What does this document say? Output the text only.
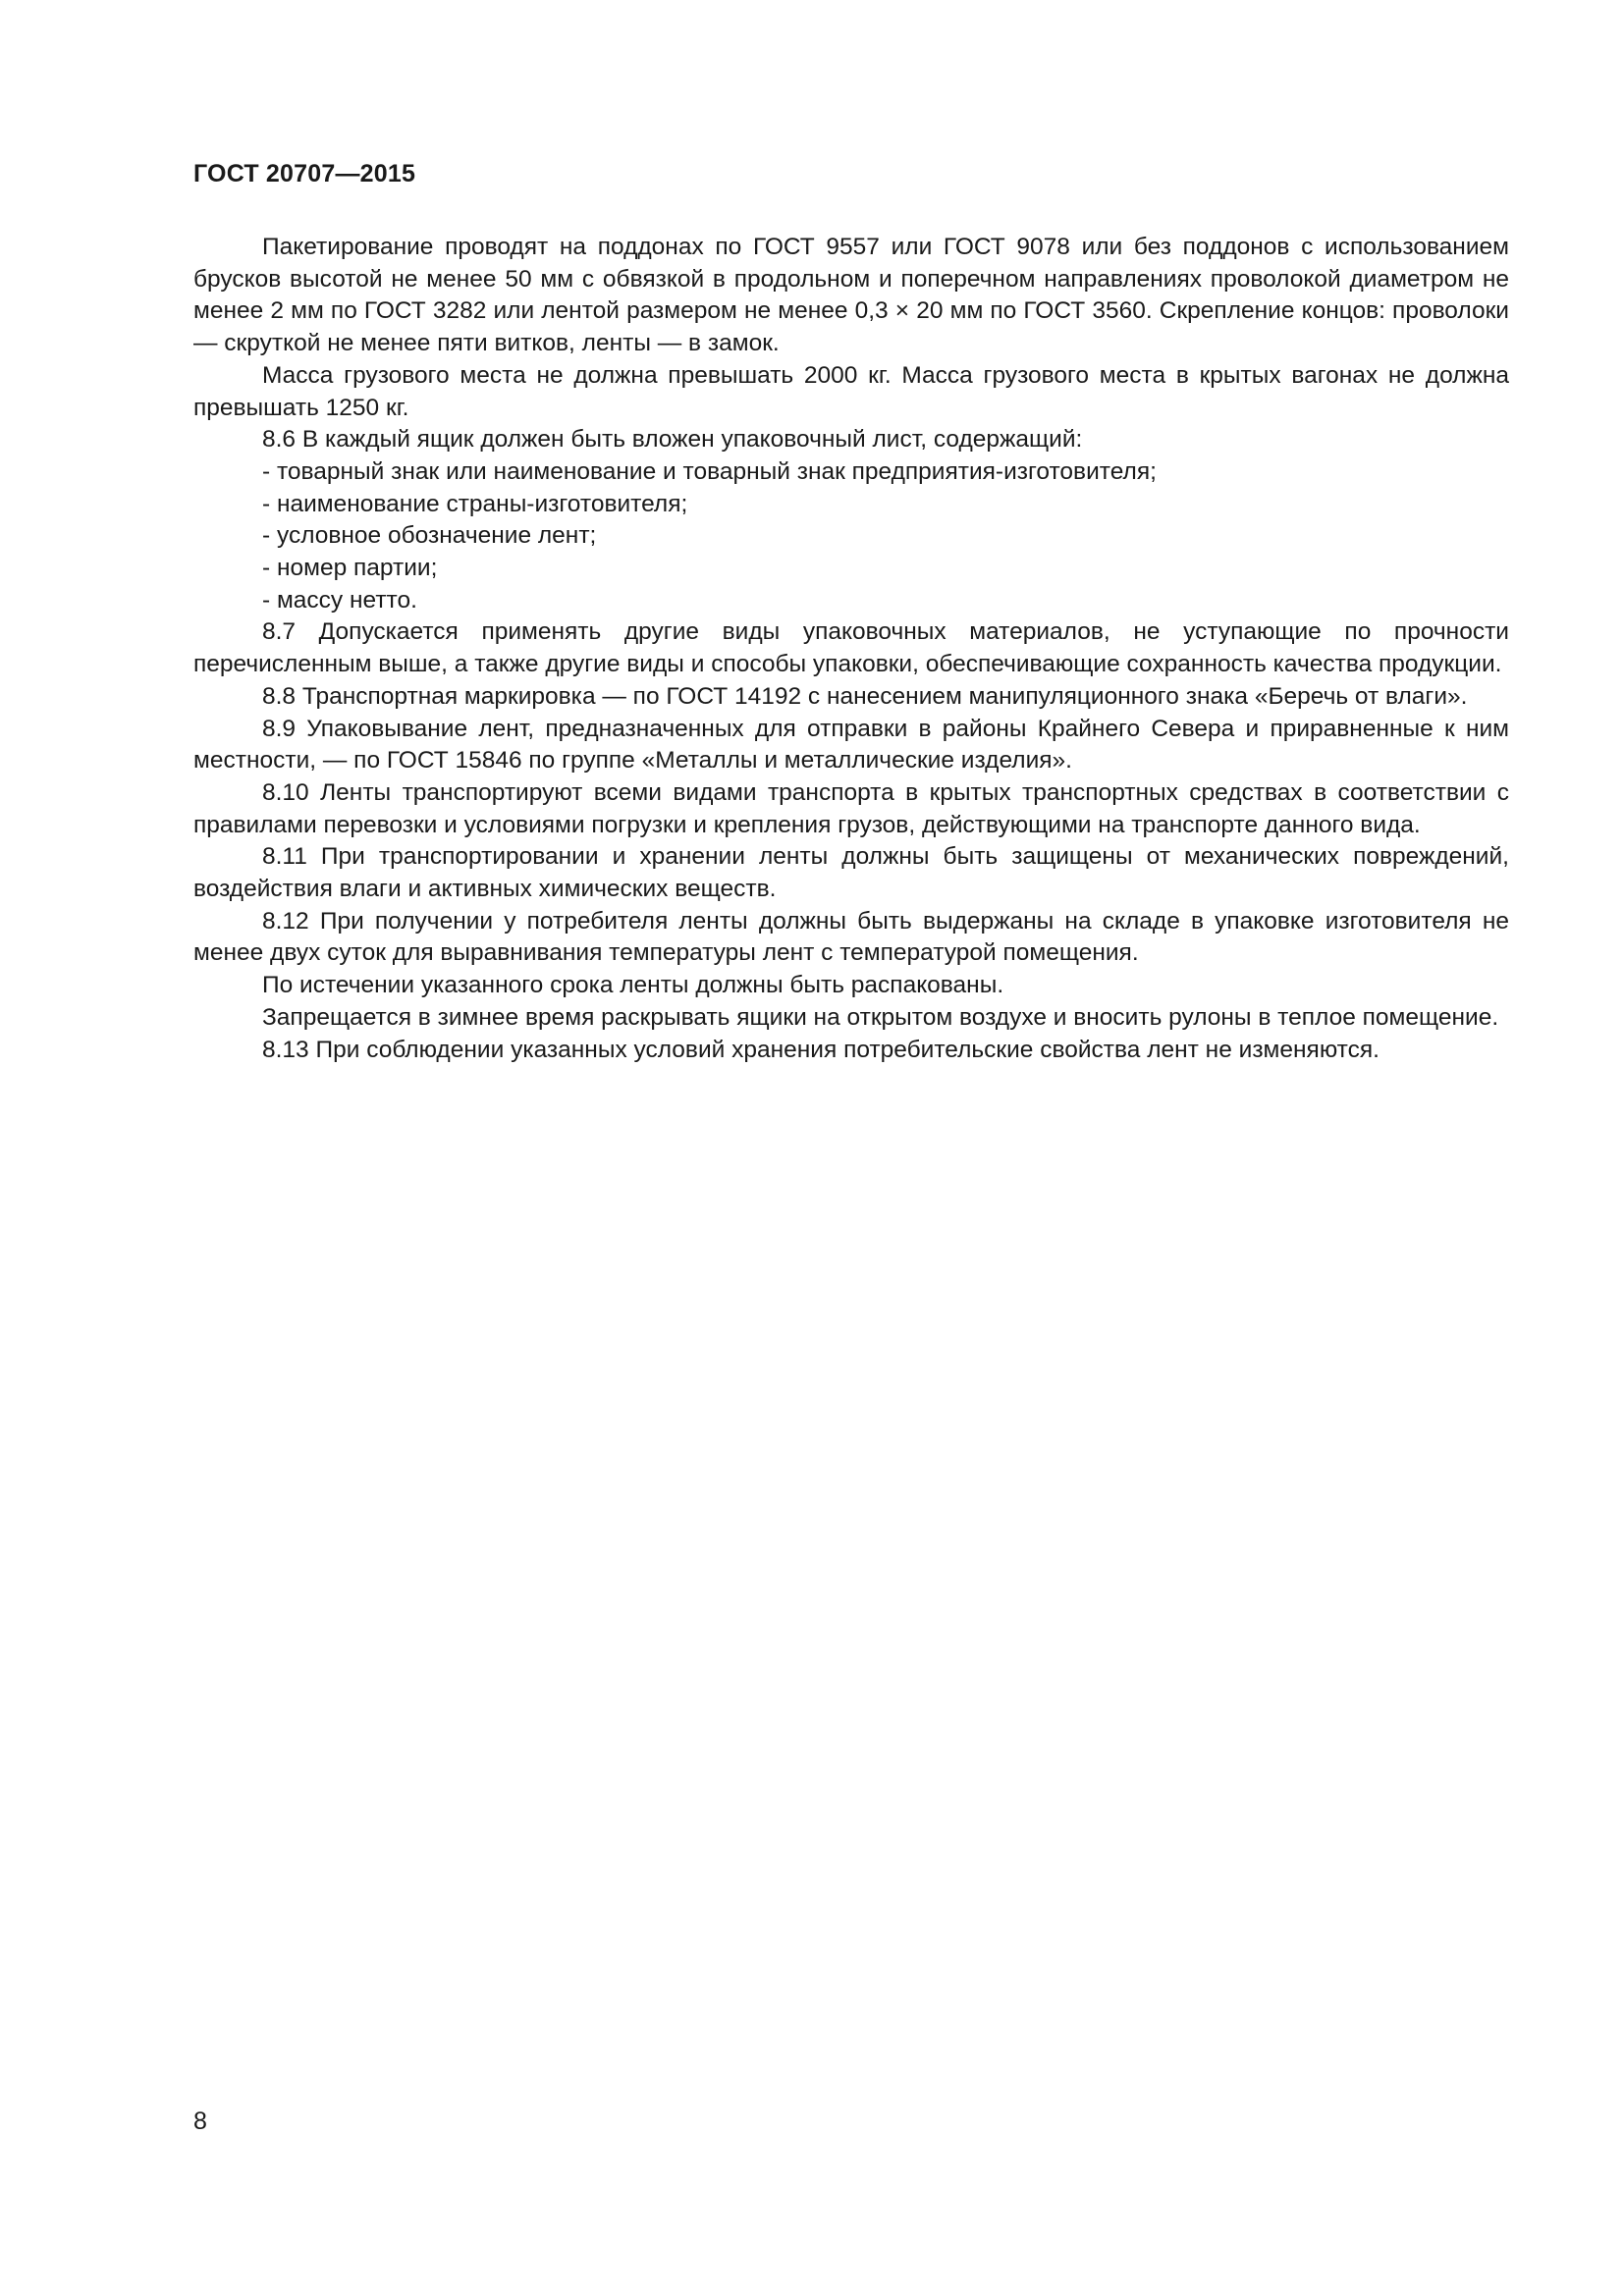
ГОСТ 20707—2015

Пакетирование проводят на поддонах по ГОСТ 9557 или ГОСТ 9078 или без поддонов с использованием брусков высотой не менее 50 мм с обвязкой в продольном и поперечном направлениях проволокой диаметром не менее 2 мм по ГОСТ 3282 или лентой размером не менее 0,3 × 20 мм по ГОСТ 3560. Скрепление концов: проволоки — скруткой не менее пяти витков, ленты — в замок.

Масса грузового места не должна превышать 2000 кг. Масса грузового места в крытых вагонах не должна превышать 1250 кг.

8.6 В каждый ящик должен быть вложен упаковочный лист, содержащий:

- товарный знак или наименование и товарный знак предприятия-изготовителя;

- наименование страны-изготовителя;

- условное обозначение лент;

- номер партии;

- массу нетто.

8.7 Допускается применять другие виды упаковочных материалов, не уступающие по прочности перечисленным выше, а также другие виды и способы упаковки, обеспечивающие сохранность качества продукции.

8.8 Транспортная маркировка — по ГОСТ 14192 с нанесением манипуляционного знака «Беречь от влаги».

8.9 Упаковывание лент, предназначенных для отправки в районы Крайнего Севера и приравненные к ним местности, — по ГОСТ 15846 по группе «Металлы и металлические изделия».

8.10 Ленты транспортируют всеми видами транспорта в крытых транспортных средствах в соответствии с правилами перевозки и условиями погрузки и крепления грузов, действующими на транспорте данного вида.

8.11 При транспортировании и хранении ленты должны быть защищены от механических повреждений, воздействия влаги и активных химических веществ.

8.12 При получении у потребителя ленты должны быть выдержаны на складе в упаковке изготовителя не менее двух суток для выравнивания температуры лент с температурой помещения.

По истечении указанного срока ленты должны быть распакованы.

Запрещается в зимнее время раскрывать ящики на открытом воздухе и вносить рулоны в теплое помещение.

8.13 При соблюдении указанных условий хранения потребительские свойства лент не изменяются.

8
